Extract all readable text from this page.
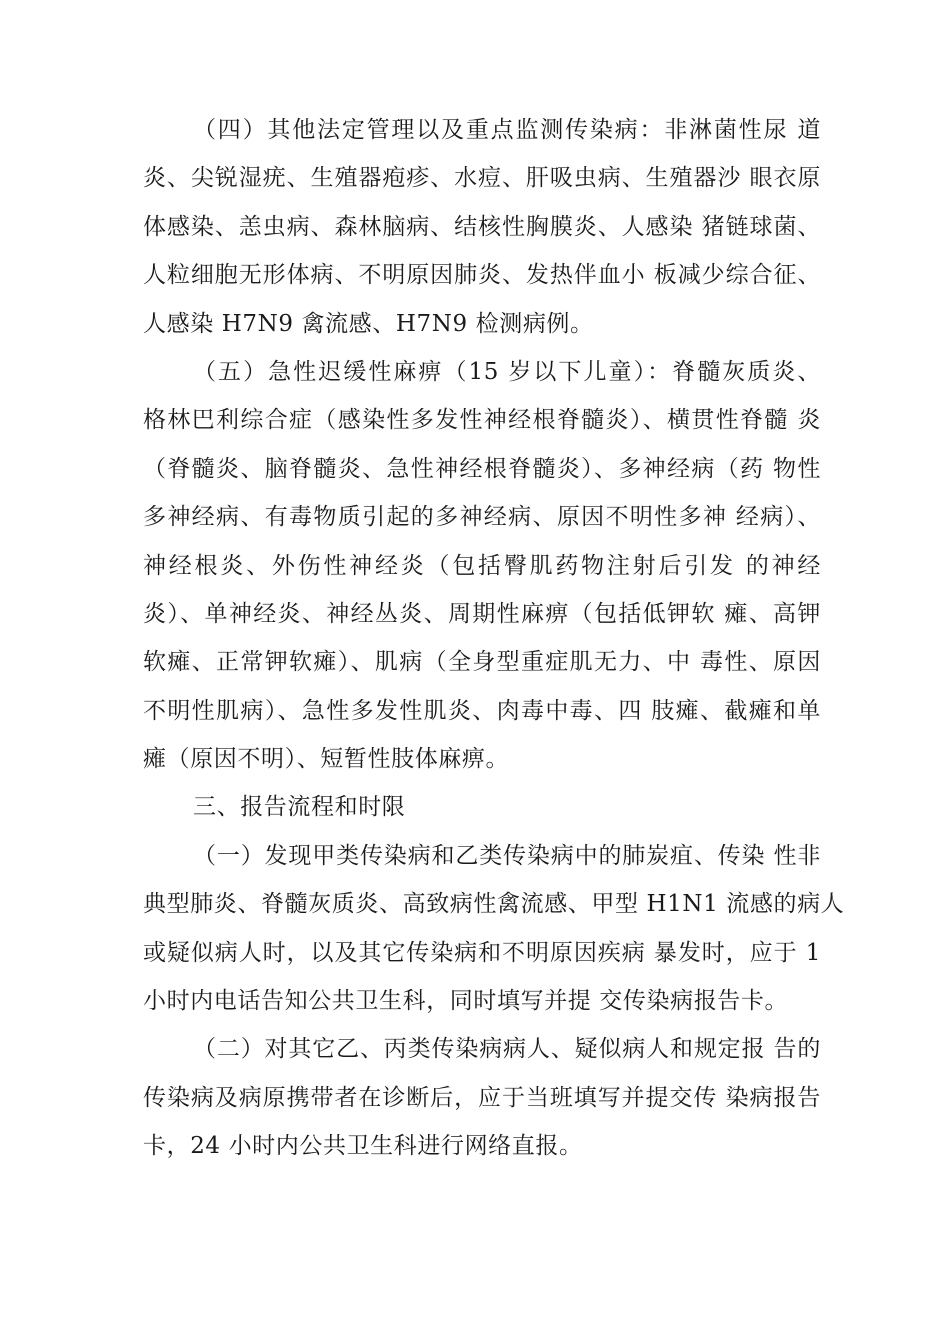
（四）其他法定管理以及重点监测传染病：非淋菌性尿 道
炎、尖锐湿疣、生殖器疱疹、水痘、肝吸虫病、生殖器沙 眼衣原
体感染、恙虫病、森林脑病、结核性胸膜炎、人感染 猪链球菌、
人粒细胞无形体病、不明原因肺炎、发热伴血小 板减少综合征、
人感染 H7N9 禽流感、H7N9 检测病例。
（五）急性迟缓性麻痹（15 岁以下儿童）：脊髓灰质炎、
格林巴利综合症（感染性多发性神经根脊髓炎）、横贯性脊髓 炎
（脊髓炎、脑脊髓炎、急性神经根脊髓炎）、多神经病（药 物性
多神经病、有毒物质引起的多神经病、原因不明性多神 经病）、
神经根炎、外伤性神经炎（包括臀肌药物注射后引发 的神经
炎）、单神经炎、神经丛炎、周期性麻痹（包括低钾软 瘫、高钾
软瘫、正常钾软瘫）、肌病（全身型重症肌无力、中 毒性、原因
不明性肌病）、急性多发性肌炎、肉毒中毒、四 肢瘫、截瘫和单
瘫（原因不明）、短暂性肢体麻痹。
三、报告流程和时限
（一）发现甲类传染病和乙类传染病中的肺炭疽、传染 性非
典型肺炎、脊髓灰质炎、高致病性禽流感、甲型 H1N1 流感的病人
或疑似病人时，以及其它传染病和不明原因疾病 暴发时，应于 1
小时内电话告知公共卫生科，同时填写并提 交传染病报告卡。
（二）对其它乙、丙类传染病病人、疑似病人和规定报 告的
传染病及病原携带者在诊断后，应于当班填写并提交传 染病报告
卡，24 小时内公共卫生科进行网络直报。
